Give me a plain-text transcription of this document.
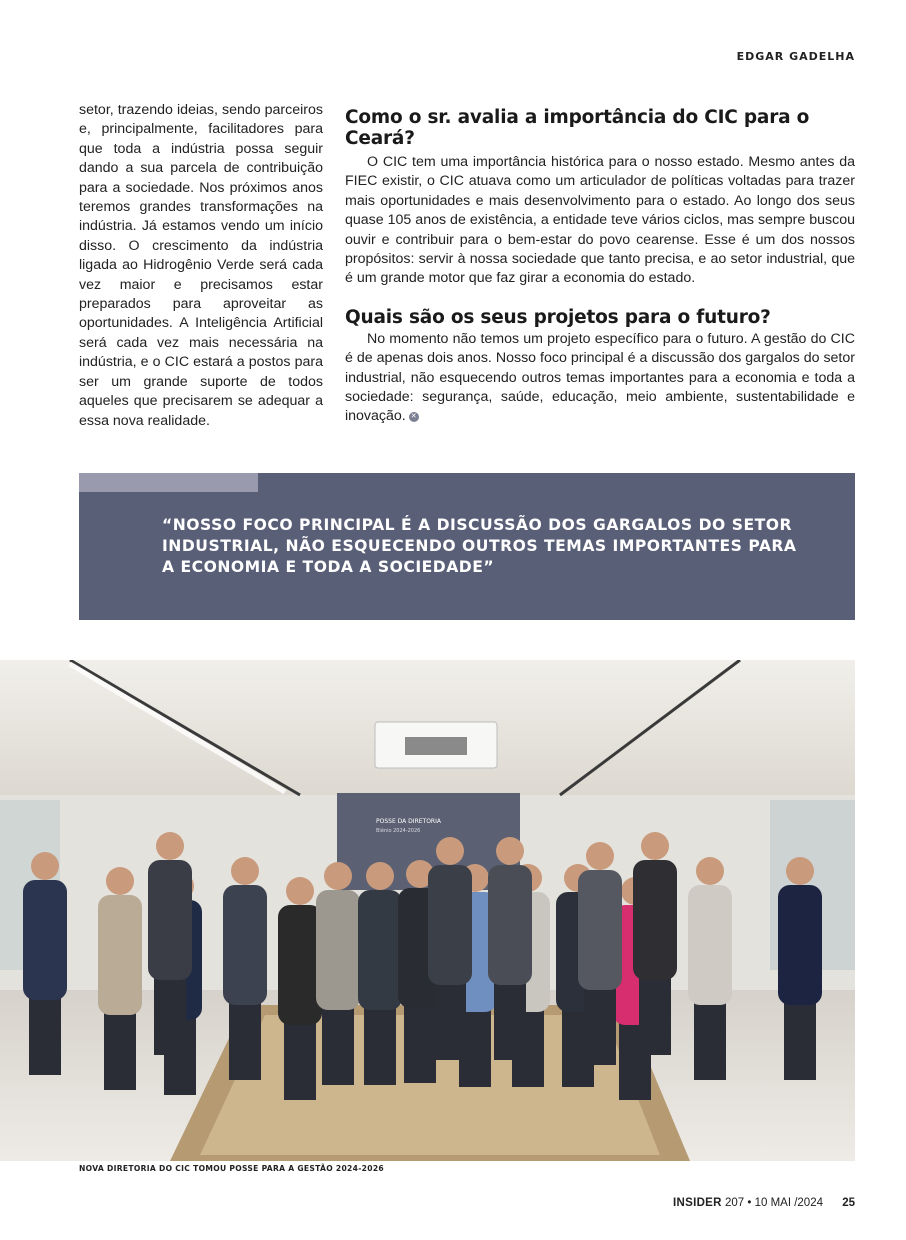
EDGAR GADELHA

setor, trazendo ideias, sendo parceiros e, principalmente, facilitadores para que toda a indústria possa seguir dando a sua parcela de contribuição para a sociedade. Nos próximos anos teremos grandes transformações na indústria. Já estamos vendo um início disso. O crescimento da indústria ligada ao Hidrogênio Verde será cada vez maior e precisamos estar preparados para aproveitar as oportunidades. A Inteligência Artificial será cada vez mais necessária na indústria, e o CIC estará a postos para ser um grande suporte de todos aqueles que precisarem se adequar a essa nova realidade.

Como o sr. avalia a importância do CIC para o Ceará?

O CIC tem uma importância histórica para o nosso estado. Mesmo antes da FIEC existir, o CIC atuava como um articulador de políticas voltadas para trazer mais oportunidades e mais desenvolvimento para o estado. Ao longo dos seus quase 105 anos de existência, a entidade teve vários ciclos, mas sempre buscou ouvir e contribuir para o bem-estar do povo cearense. Esse é um dos nossos propósitos: servir à nossa sociedade que tanto precisa, e ao setor industrial, que é um grande motor que faz girar a economia do estado.

Quais são os seus projetos para o futuro?

No momento não temos um projeto específico para o futuro. A gestão do CIC é de apenas dois anos. Nosso foco principal é a discussão dos gargalos do setor industrial, não esquecendo outros temas importantes para a economia e toda a sociedade: segurança, saúde, educação, meio ambiente, sustentabilidade e inovação. ✕

“NOSSO FOCO PRINCIPAL É A DISCUSSÃO DOS GARGALOS DO SETOR INDUSTRIAL, NÃO ESQUECENDO OUTROS TEMAS IMPORTANTES PARA A ECONOMIA E TODA A SOCIEDADE”
POSSE DA DIRETORIA
Biênio 2024-2026
NOVA DIRETORIA DO CIC TOMOU POSSE PARA A GESTÃO 2024-2026
INSIDER 207 • 10 MAI /2024 25
